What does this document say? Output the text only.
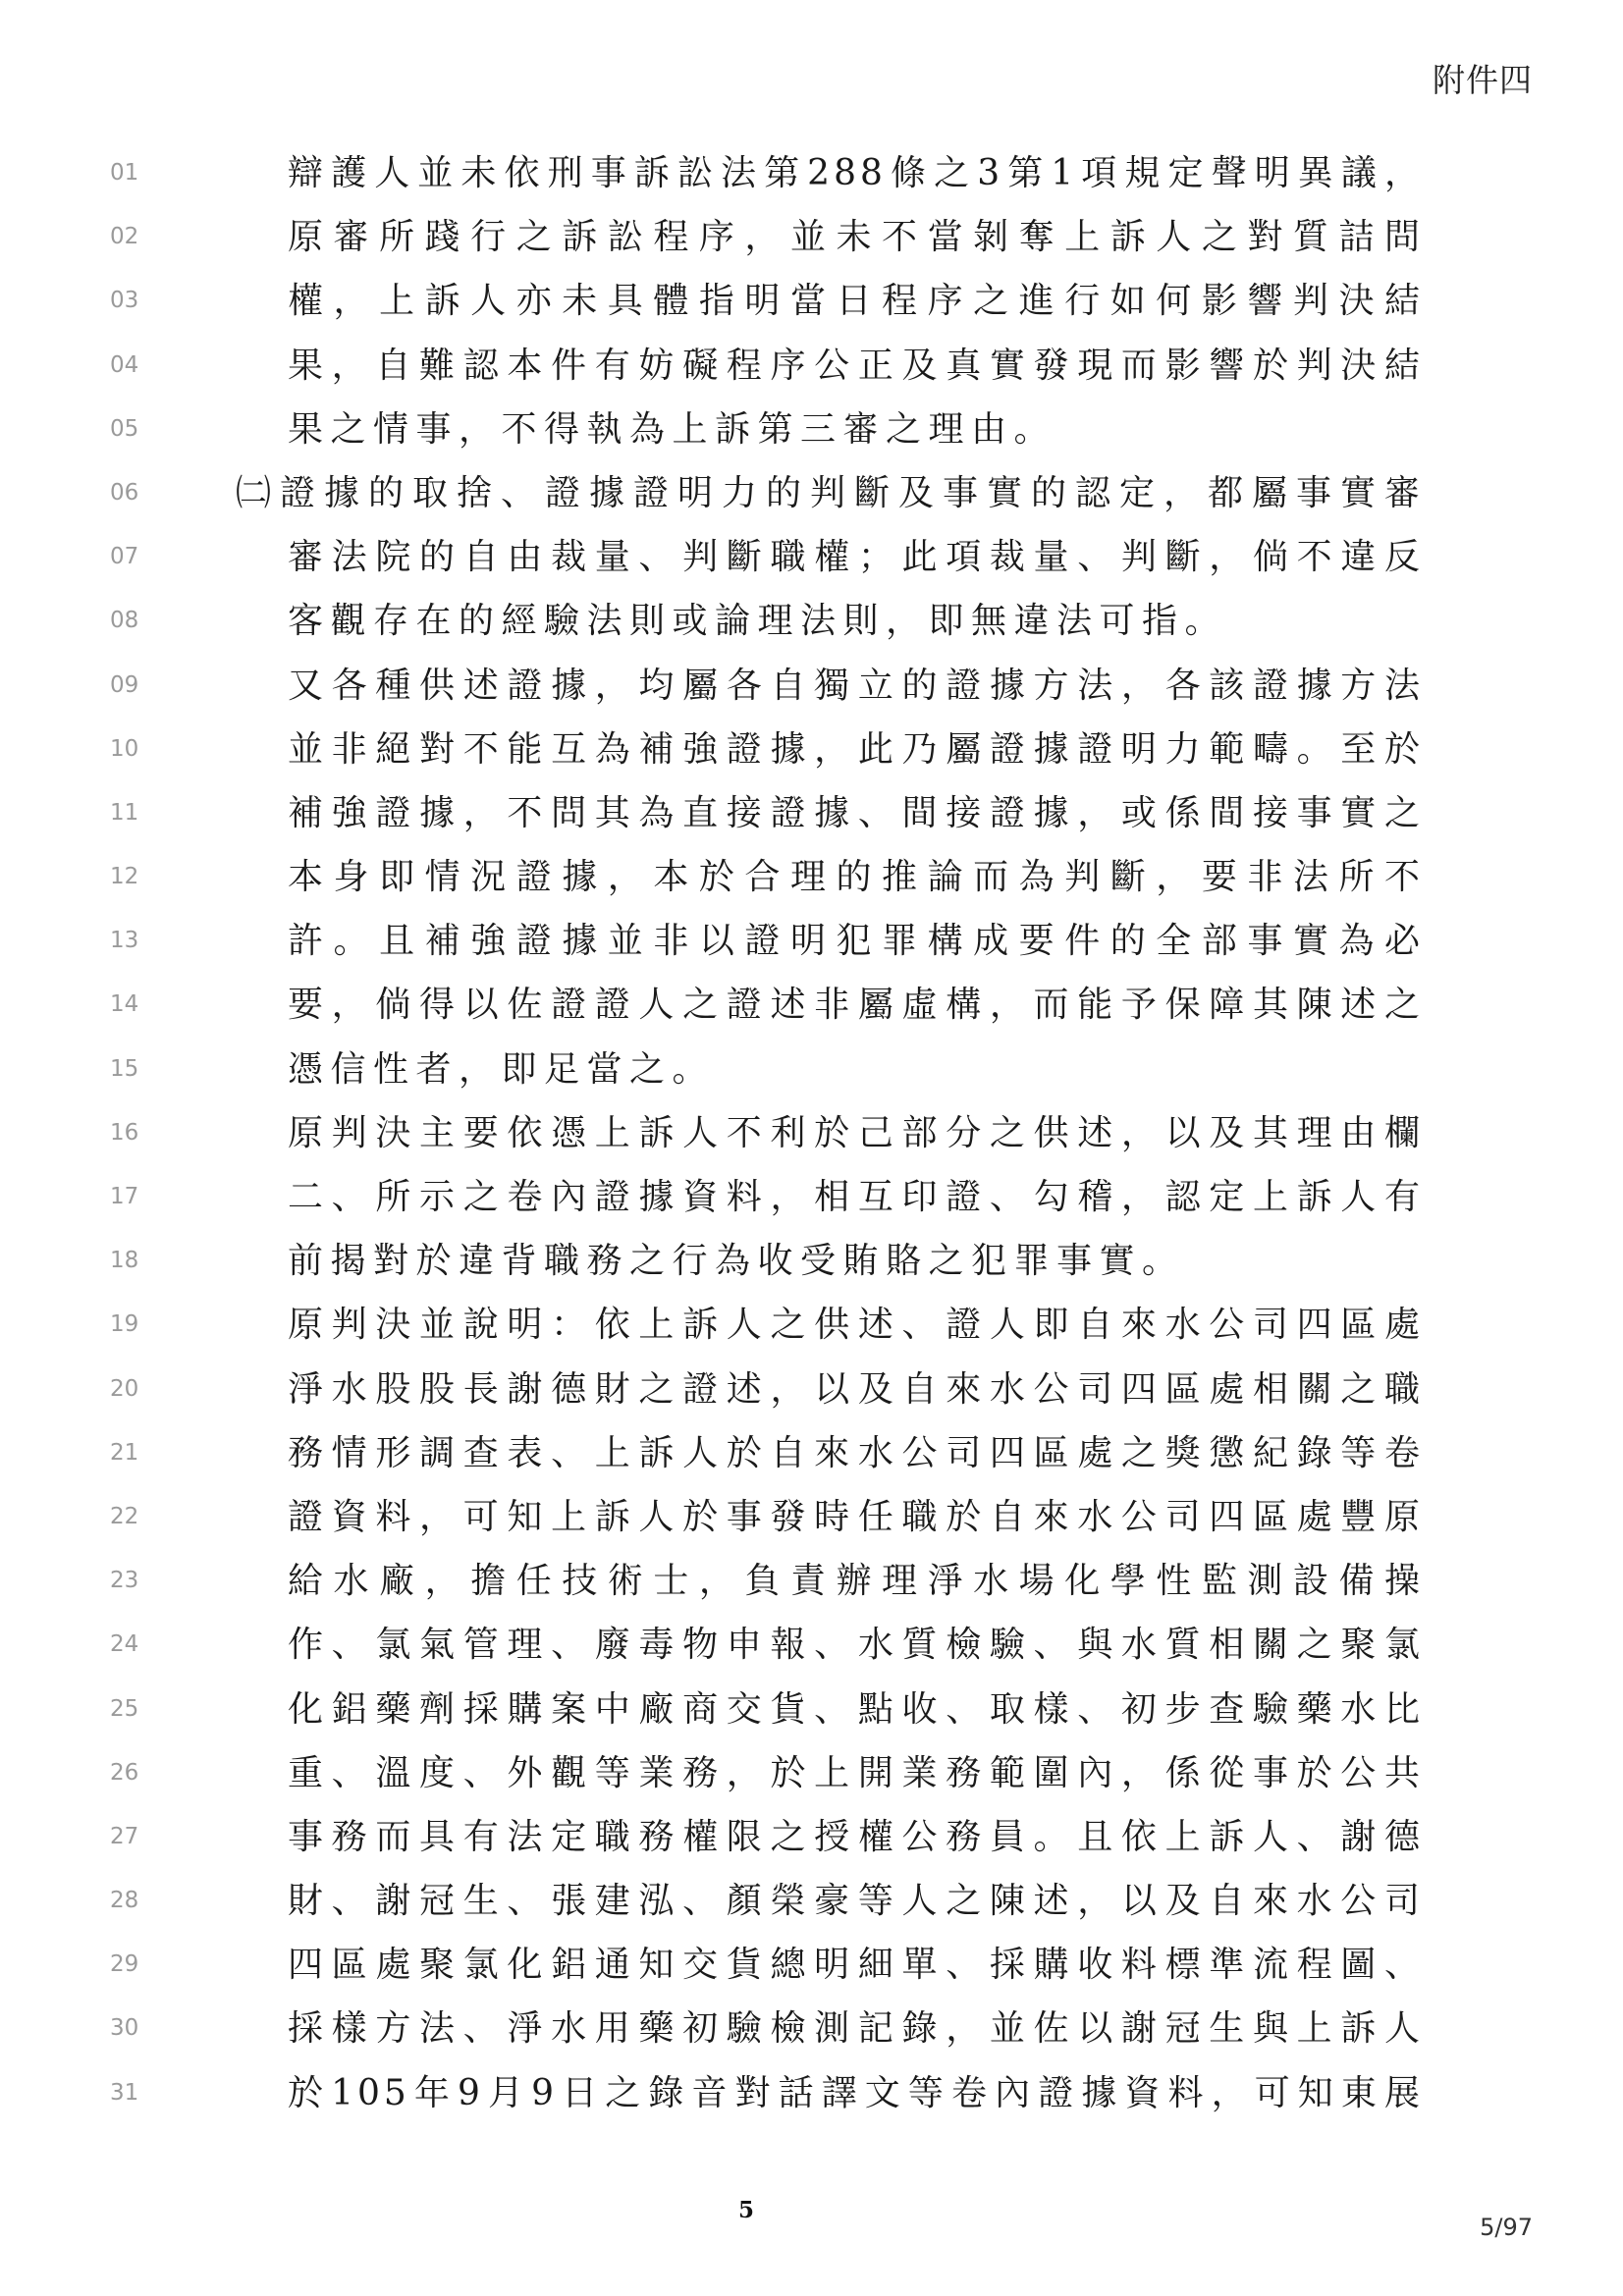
附件四
01	辯護人並未依刑事訴訟法第288條之3第1項規定聲明異議，
02	原審所踐行之訴訟程序，並未不當剝奪上訴人之對質詰問
03	權，上訴人亦未具體指明當日程序之進行如何影響判決結
04	果，自難認本件有妨礙程序公正及真實發現而影響於判決結
05	果之情事，不得執為上訴第三審之理由。
06	㈡證據的取捨、證據證明力的判斷及事實的認定，都屬事實審
07	審法院的自由裁量、判斷職權；此項裁量、判斷，倘不違反
08	客觀存在的經驗法則或論理法則，即無違法可指。
09	又各種供述證據，均屬各自獨立的證據方法，各該證據方法
10	並非絕對不能互為補強證據，此乃屬證據證明力範疇。至於
11	補強證據，不問其為直接證據、間接證據，或係間接事實之
12	本身即情況證據，本於合理的推論而為判斷，要非法所不
13	許。且補強證據並非以證明犯罪構成要件的全部事實為必
14	要，倘得以佐證證人之證述非屬虛構，而能予保障其陳述之
15	憑信性者，即足當之。
16	原判決主要依憑上訴人不利於己部分之供述，以及其理由欄
17	二、所示之卷內證據資料，相互印證、勾稽，認定上訴人有
18	前揭對於違背職務之行為收受賄賂之犯罪事實。
19	原判決並說明：依上訴人之供述、證人即自來水公司四區處
20	淨水股股長謝德財之證述，以及自來水公司四區處相關之職
21	務情形調查表、上訴人於自來水公司四區處之獎懲紀錄等卷
22	證資料，可知上訴人於事發時任職於自來水公司四區處豐原
23	給水廠，擔任技術士，負責辦理淨水場化學性監測設備操
24	作、氯氣管理、廢毒物申報、水質檢驗、與水質相關之聚氯
25	化鋁藥劑採購案中廠商交貨、點收、取樣、初步查驗藥水比
26	重、溫度、外觀等業務，於上開業務範圍內，係從事於公共
27	事務而具有法定職務權限之授權公務員。且依上訴人、謝德
28	財、謝冠生、張建泓、顏榮豪等人之陳述，以及自來水公司
29	四區處聚氯化鋁通知交貨總明細單、採購收料標準流程圖、
30	採樣方法、淨水用藥初驗檢測記錄，並佐以謝冠生與上訴人
31	於105年9月9日之錄音對話譯文等卷內證據資料，可知東展
5
5/97
